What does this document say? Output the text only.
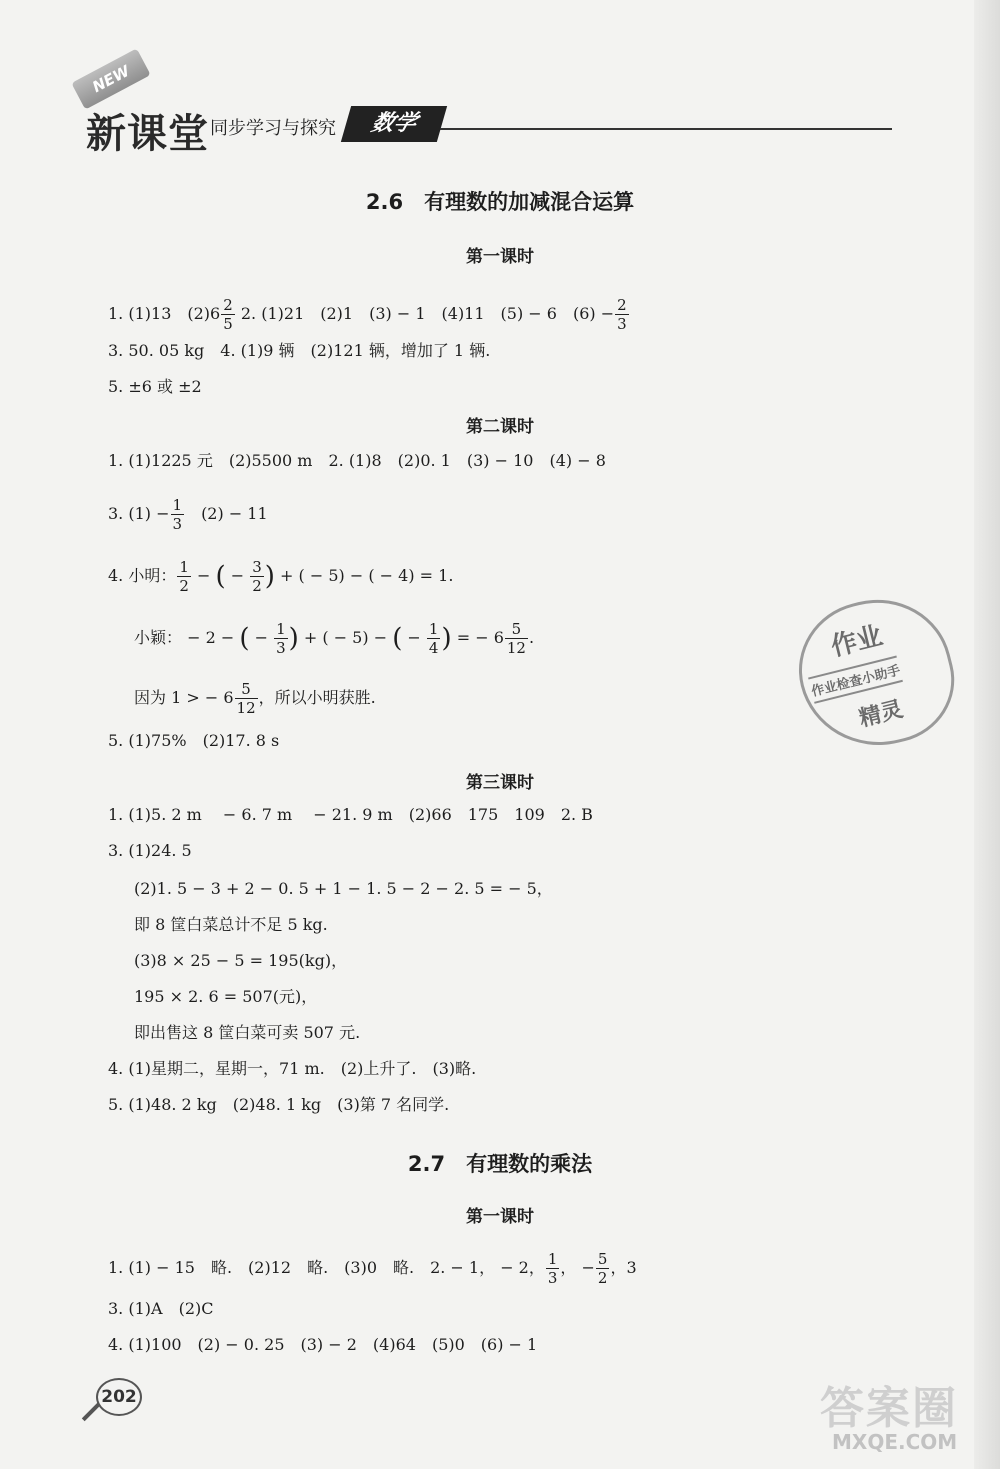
NEW
新课堂 同步学习与探究	数学
2.6　有理数的加减混合运算
第一课时
1. (1)13　$(2)6 \frac{2}{5} 2$. (1)21　(2)1　(3) − 1　(4)11　(5) − 6　$(6) - \frac{2}{3}$
3. 50. 05 kg　4. (1)9 辆　(2)121 辆，增加了 1 辆.
5. ±6 或 ±2
第二课时
1. (1)1225 元　(2)5500 m　2. (1)8　(2)0. 1　(3) − 10　(4) − 8
3. $(1) - \frac{1}{3}$ 　(2) − 11
4. 小明： $\frac{1}{2}$ − ( − $\frac{3}{2}$ ) + ( − 5) − ( − 4) = 1.
小颖： − 2 − ( − $\frac{1}{3}$ ) + ( − 5) − ( − $\frac{1}{4}$ ) = − $6 \frac{5}{12}$ .
因为 1 > − $6 \frac{5}{12}$ ，所以小明获胜.
5. (1)75%　(2)17. 8 s
第三课时
1. (1)5. 2 m　 − 6. 7 m　 − 21. 9 m　(2)66　175　109　2. B
3. (1)24. 5
(2)1. 5 − 3 + 2 − 0. 5 + 1 − 1. 5 − 2 − 2. 5 = − 5，
即 8 筐白菜总计不足 5 kg.
(3)8 × 25 − 5 = 195(kg)，
195 × 2. 6 = 507(元)，
即出售这 8 筐白菜可卖 507 元.
4. (1)星期二，星期一，71 m.　(2)上升了.　(3)略.
5. (1)48. 2 kg　(2)48. 1 kg　(3)第 7 名同学.
2.7　有理数的乘法
第一课时
1. (1) − 15　略.　(2)12　略.　(3)0　略.　2. − 1， − 2， $\frac{1}{3}$ ， − $\frac{5}{2}$ ，3
3. (1)A　(2)C
4. (1)100　(2) − 0. 25　(3) − 2　(4)64　(5)0　(6) − 1
作业
作业检查小助手
精灵
202	答案圈
MXQE.COM
